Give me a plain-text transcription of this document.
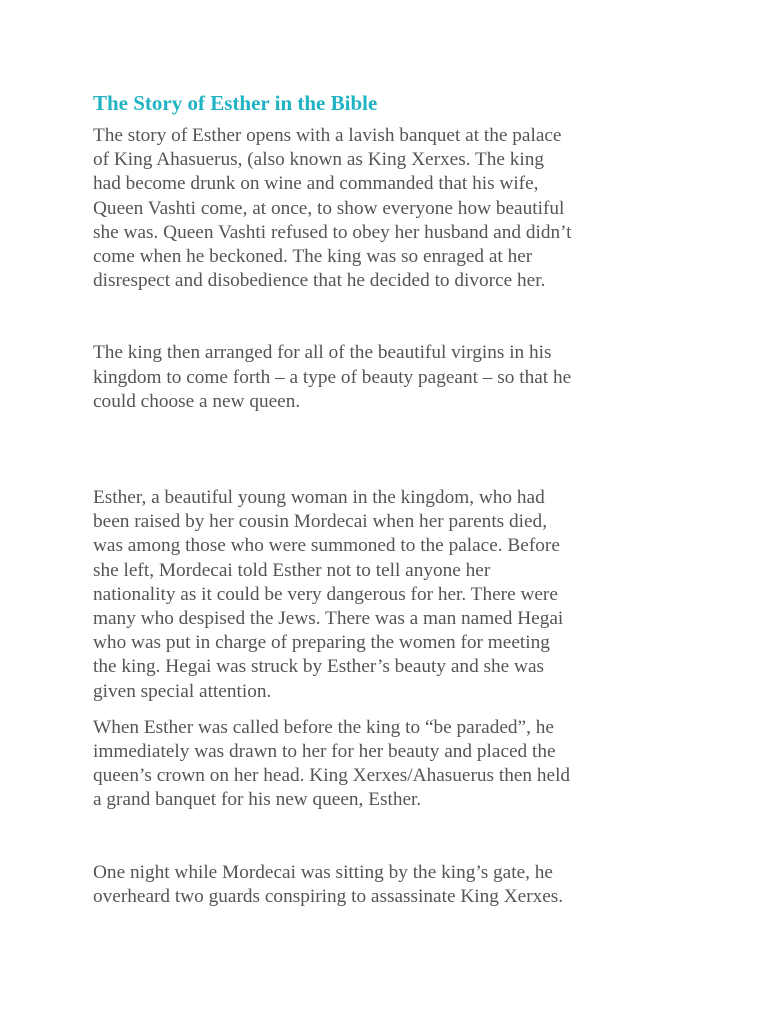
The Story of Esther in the Bible

The story of Esther opens with a lavish banquet at the palace
of King Ahasuerus, (also known as King Xerxes. The king
had become drunk on wine and commanded that his wife,
Queen Vashti come, at once, to show everyone how beautiful
she was. Queen Vashti refused to obey her husband and didn’t
come when he beckoned. The king was so enraged at her
disrespect and disobedience that he decided to divorce her.

The king then arranged for all of the beautiful virgins in his
kingdom to come forth – a type of beauty pageant – so that he
could choose a new queen.

Esther, a beautiful young woman in the kingdom, who had
been raised by her cousin Mordecai when her parents died,
was among those who were summoned to the palace. Before
she left, Mordecai told Esther not to tell anyone her
nationality as it could be very dangerous for her. There were
many who despised the Jews. There was a man named Hegai
who was put in charge of preparing the women for meeting
the king. Hegai was struck by Esther’s beauty and she was
given special attention.

When Esther was called before the king to “be paraded”, he
immediately was drawn to her for her beauty and placed the
queen’s crown on her head. King Xerxes/Ahasuerus then held
a grand banquet for his new queen, Esther.

One night while Mordecai was sitting by the king’s gate, he
overheard two guards conspiring to assassinate King Xerxes.
